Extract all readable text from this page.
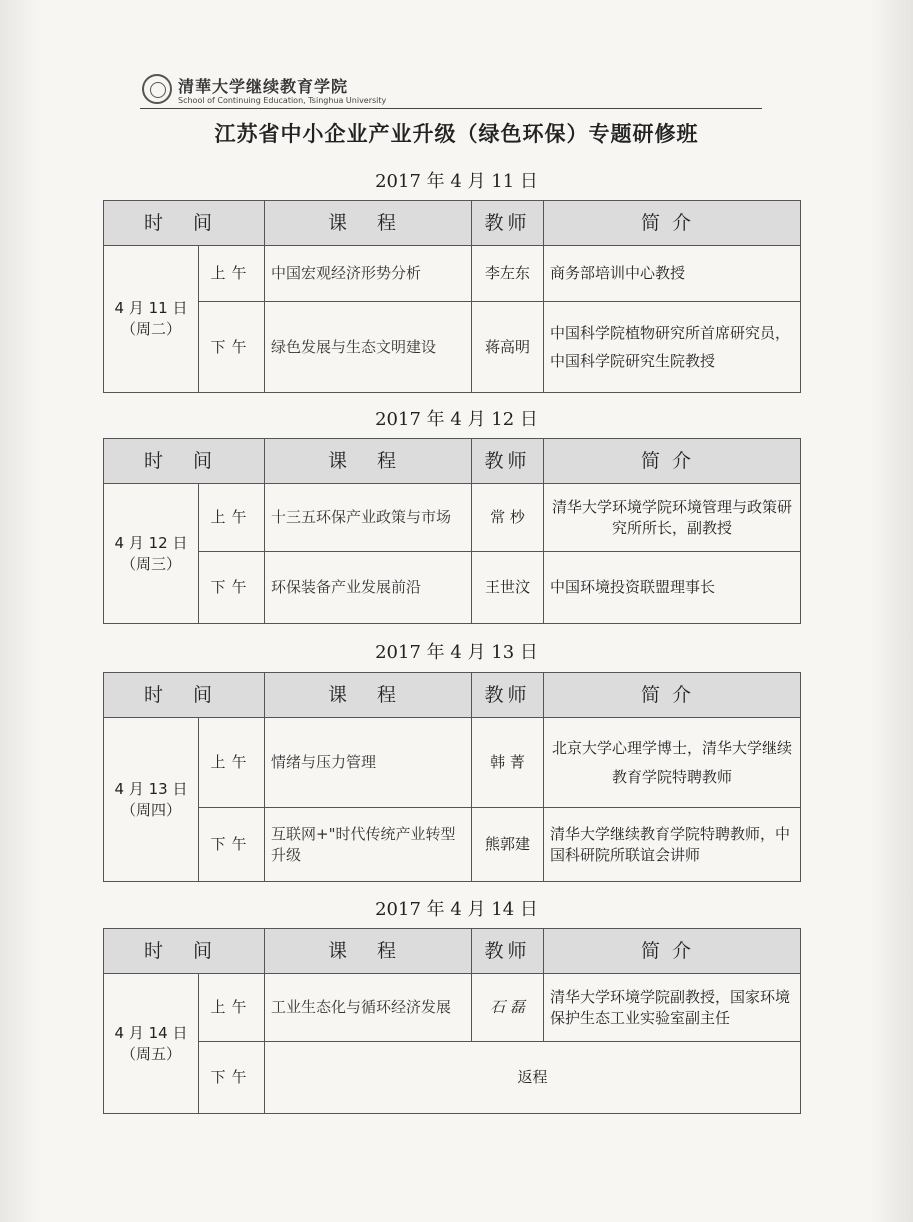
清華大学继续教育学院
School of Continuing Education, Tsinghua University
江苏省中小企业产业升级（绿色环保）专题研修班
2017 年 4 月 11 日
时 间		课 程	教师	简介

4 月 11 日
（周二）	上午	中国宏观经济形势分析	李左东	商务部培训中心教授
	下午	绿色发展与生态文明建设	蒋高明	中国科学院植物研究所首席研究员，中国科学院研究生院教授
2017 年 4 月 12 日
时 间		课 程	教师	简介

4 月 12 日
（周三）	上午	十三五环保产业政策与市场	常 杪	清华大学环境学院环境管理与政策研究所所长，副教授
	下午	环保装备产业发展前沿	王世汶	中国环境投资联盟理事长
2017 年 4 月 13 日
时 间		课 程	教师	简介

4 月 13 日
（周四）	上午	情绪与压力管理	韩 菁	北京大学心理学博士，清华大学继续教育学院特聘教师
	下午	互联网+"时代传统产业转型升级	熊郭建	清华大学继续教育学院特聘教师，中国科研院所联谊会讲师
2017 年 4 月 14 日
时 间		课 程	教师	简介

4 月 14 日
（周五）	上午	工业生态化与循环经济发展	石 磊	清华大学环境学院副教授，国家环境保护生态工业实验室副主任
	下午	返程		
